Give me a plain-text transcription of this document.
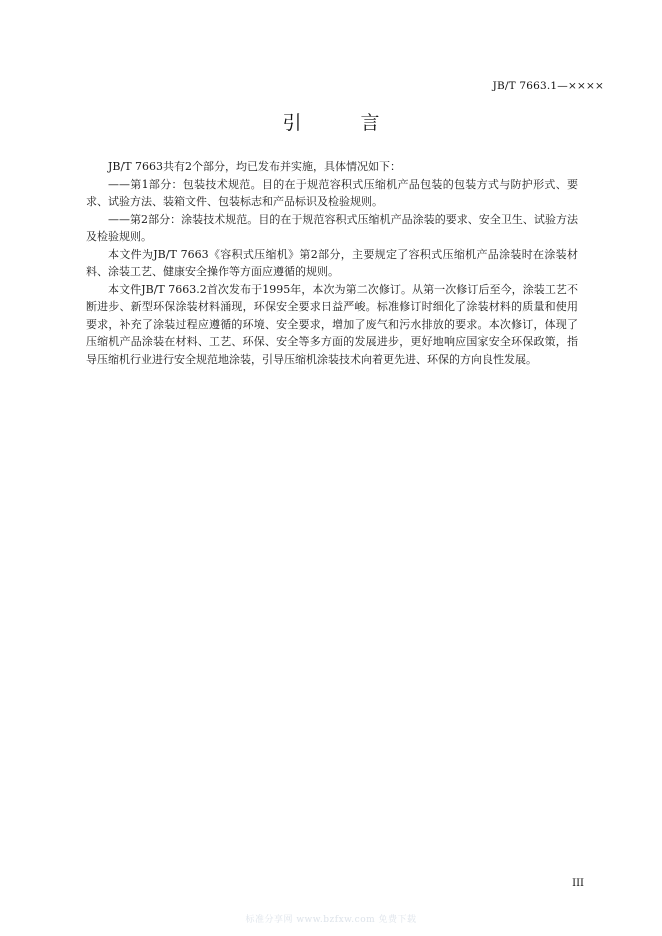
JB/T 7663.1—××××
引　言

JB/T 7663共有2个部分，均已发布并实施，具体情况如下：

——第1部分：包装技术规范。目的在于规范容积式压缩机产品包装的包装方式与防护形式、要求、试验方法、装箱文件、包装标志和产品标识及检验规则。

——第2部分：涂装技术规范。目的在于规范容积式压缩机产品涂装的要求、安全卫生、试验方法及检验规则。

本文件为JB/T 7663《容积式压缩机》第2部分，主要规定了容积式压缩机产品涂装时在涂装材料、涂装工艺、健康安全操作等方面应遵循的规则。

本文件JB/T 7663.2首次发布于1995年，本次为第二次修订。从第一次修订后至今，涂装工艺不断进步、新型环保涂装材料涌现，环保安全要求日益严峻。标准修订时细化了涂装材料的质量和使用要求，补充了涂装过程应遵循的环境、安全要求，增加了废气和污水排放的要求。本次修订，体现了压缩机产品涂装在材料、工艺、环保、安全等多方面的发展进步，更好地响应国家安全环保政策，指导压缩机行业进行安全规范地涂装，引导压缩机涂装技术向着更先进、环保的方向良性发展。

III
标准分享网 www.bzfxw.com 免费下载
